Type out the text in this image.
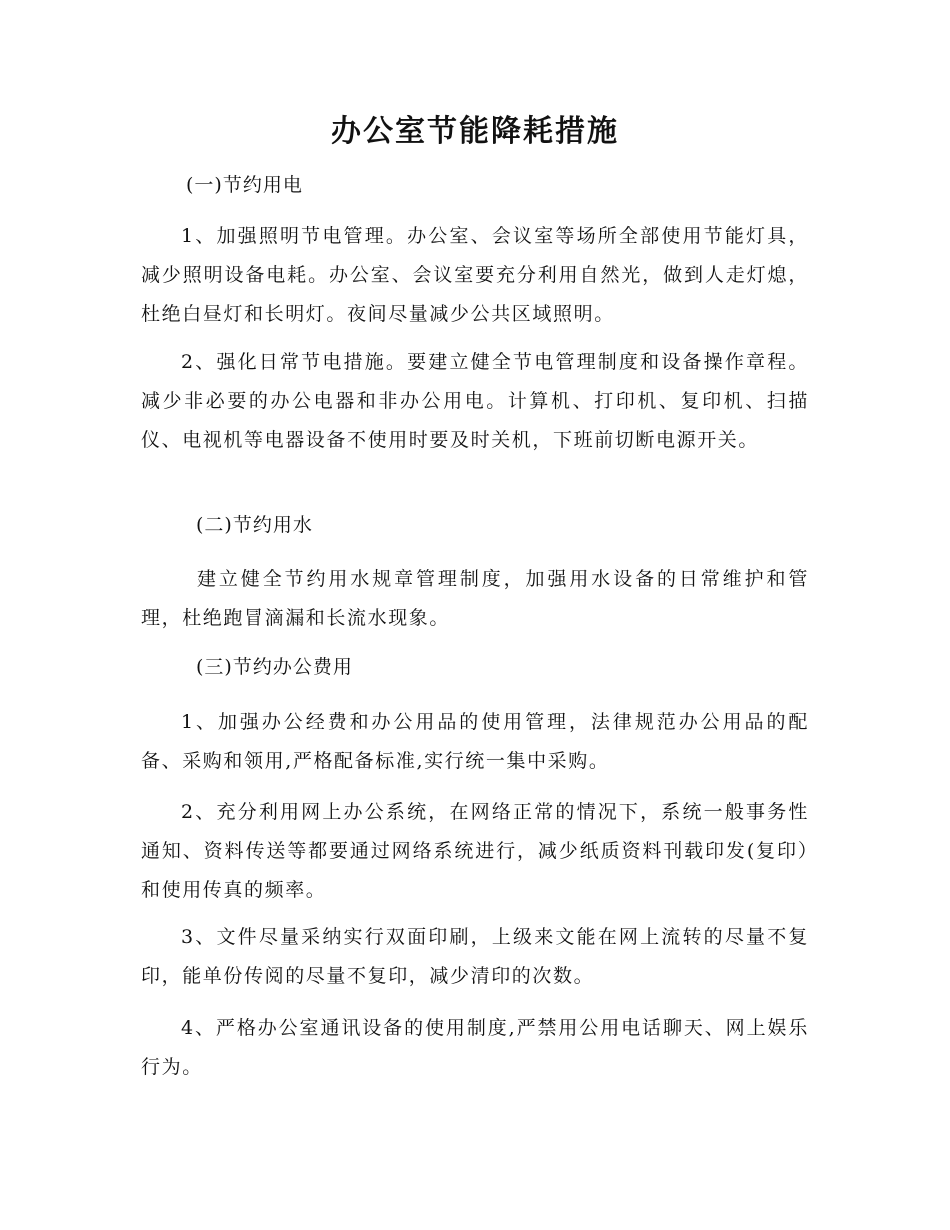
办公室节能降耗措施
(一)节约用电
1、加强照明节电管理。办公室、会议室等场所全部使用节能灯具，减少照明设备电耗。办公室、会议室要充分利用自然光，做到人走灯熄，杜绝白昼灯和长明灯。夜间尽量减少公共区域照明。
2、强化日常节电措施。要建立健全节电管理制度和设备操作章程。减少非必要的办公电器和非办公用电。计算机、打印机、复印机、扫描仪、电视机等电器设备不使用时要及时关机，下班前切断电源开关。
(二)节约用水
建立健全节约用水规章管理制度，加强用水设备的日常维护和管理，杜绝跑冒滴漏和长流水现象。
(三)节约办公费用
1、加强办公经费和办公用品的使用管理，法律规范办公用品的配备、采购和领用,严格配备标准,实行统一集中采购。
2、充分利用网上办公系统，在网络正常的情况下，系统一般事务性通知、资料传送等都要通过网络系统进行，减少纸质资料刊载印发(复印）和使用传真的频率。
3、文件尽量采纳实行双面印刷，上级来文能在网上流转的尽量不复印，能单份传阅的尽量不复印，减少清印的次数。
4、严格办公室通讯设备的使用制度,严禁用公用电话聊天、网上娱乐行为。
